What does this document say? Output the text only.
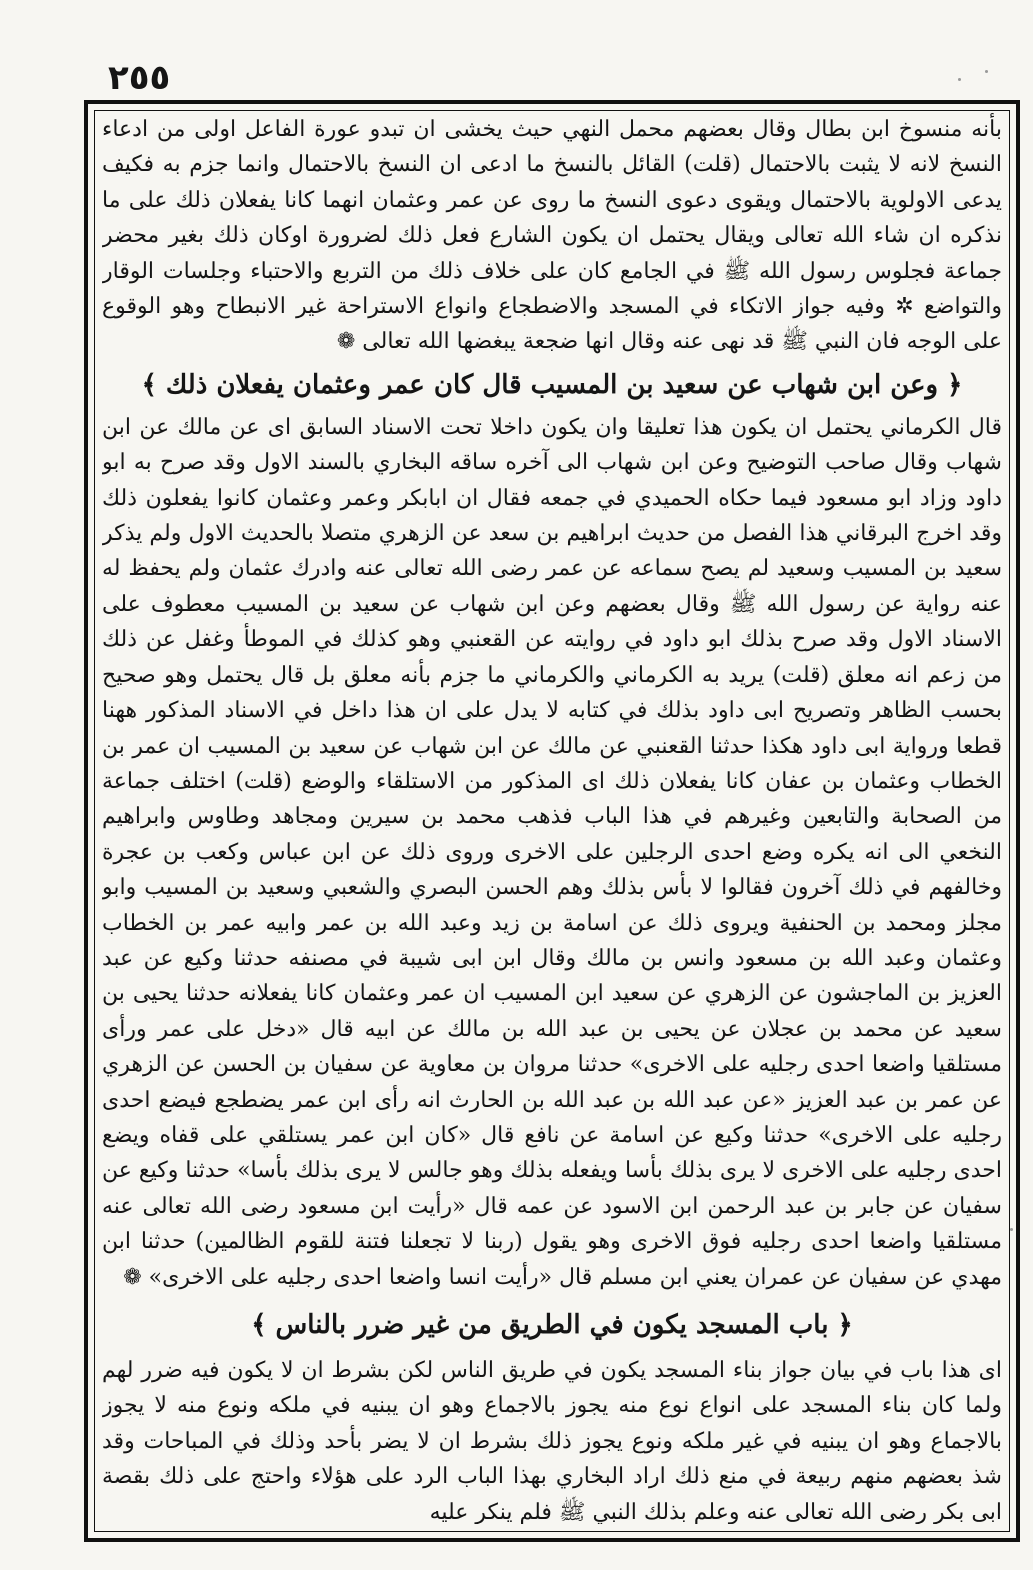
٢٥٥

بأنه منسوخ ابن بطال وقال بعضهم محمل النهي حيث يخشى ان تبدو عورة الفاعل اولى من ادعاء النسخ لانه لا يثبت بالاحتمال (قلت) القائل بالنسخ ما ادعى ان النسخ بالاحتمال وانما جزم به فكيف يدعى الاولوية بالاحتمال ويقوى دعوى النسخ ما روى عن عمر وعثمان انهما كانا يفعلان ذلك على ما نذكره ان شاء الله تعالى ويقال يحتمل ان يكون الشارع فعل ذلك لضرورة اوكان ذلك بغير محضر جماعة فجلوس رسول الله ﷺ في الجامع كان على خلاف ذلك من التربع والاحتباء وجلسات الوقار والتواضع ✲ وفيه جواز الاتكاء في المسجد والاضطجاع وانواع الاستراحة غير الانبطاح وهو الوقوع على الوجه فان النبي ﷺ قد نهى عنه وقال انها ضجعة يبغضها الله تعالى ❁

﴿ وعن ابن شهاب عن سعيد بن المسيب قال كان عمر وعثمان يفعلان ذلك ﴾

قال الكرماني يحتمل ان يكون هذا تعليقا وان يكون داخلا تحت الاسناد السابق اى عن مالك عن ابن شهاب وقال صاحب التوضيح وعن ابن شهاب الى آخره ساقه البخاري بالسند الاول وقد صرح به ابو داود وزاد ابو مسعود فيما حكاه الحميدي في جمعه فقال ان ابابكر وعمر وعثمان كانوا يفعلون ذلك وقد اخرج البرقاني هذا الفصل من حديث ابراهيم بن سعد عن الزهري متصلا بالحديث الاول ولم يذكر سعيد بن المسيب وسعيد لم يصح سماعه عن عمر رضى الله تعالى عنه وادرك عثمان ولم يحفظ له عنه رواية عن رسول الله ﷺ وقال بعضهم وعن ابن شهاب عن سعيد بن المسيب معطوف على الاسناد الاول وقد صرح بذلك ابو داود في روايته عن القعنبي وهو كذلك في الموطأ وغفل عن ذلك من زعم انه معلق (قلت) يريد به الكرماني والكرماني ما جزم بأنه معلق بل قال يحتمل وهو صحيح بحسب الظاهر وتصريح ابى داود بذلك في كتابه لا يدل على ان هذا داخل في الاسناد المذكور ههنا قطعا ورواية ابى داود هكذا حدثنا القعنبي عن مالك عن ابن شهاب عن سعيد بن المسيب ان عمر بن الخطاب وعثمان بن عفان كانا يفعلان ذلك اى المذكور من الاستلقاء والوضع (قلت) اختلف جماعة من الصحابة والتابعين وغيرهم في هذا الباب فذهب محمد بن سيرين ومجاهد وطاوس وابراهيم النخعي الى انه يكره وضع احدى الرجلين على الاخرى وروى ذلك عن ابن عباس وكعب بن عجرة وخالفهم في ذلك آخرون فقالوا لا بأس بذلك وهم الحسن البصري والشعبي وسعيد بن المسيب وابو مجلز ومحمد بن الحنفية ويروى ذلك عن اسامة بن زيد وعبد الله بن عمر وابيه عمر بن الخطاب وعثمان وعبد الله بن مسعود وانس بن مالك وقال ابن ابى شيبة في مصنفه حدثنا وكيع عن عبد العزيز بن الماجشون عن الزهري عن سعيد ابن المسيب ان عمر وعثمان كانا يفعلانه حدثنا يحيى بن سعيد عن محمد بن عجلان عن يحيى بن عبد الله بن مالك عن ابيه قال «دخل على عمر ورأى مستلقيا واضعا احدى رجليه على الاخرى» حدثنا مروان بن معاوية عن سفيان بن الحسن عن الزهري عن عمر بن عبد العزيز «عن عبد الله بن عبد الله بن الحارث انه رأى ابن عمر يضطجع فيضع احدى رجليه على الاخرى» حدثنا وكيع عن اسامة عن نافع قال «كان ابن عمر يستلقي على قفاه ويضع احدى رجليه على الاخرى لا يرى بذلك بأسا ويفعله بذلك وهو جالس لا يرى بذلك بأسا» حدثنا وكيع عن سفيان عن جابر بن عبد الرحمن ابن الاسود عن عمه قال «رأيت ابن مسعود رضى الله تعالى عنه مستلقيا واضعا احدى رجليه فوق الاخرى وهو يقول (ربنا لا تجعلنا فتنة للقوم الظالمين) حدثنا ابن مهدي عن سفيان عن عمران يعني ابن مسلم قال «رأيت انسا واضعا احدى رجليه على الاخرى» ❁

﴿ باب المسجد يكون في الطريق من غير ضرر بالناس ﴾

اى هذا باب في بيان جواز بناء المسجد يكون في طريق الناس لكن بشرط ان لا يكون فيه ضرر لهم ولما كان بناء المسجد على انواع نوع منه يجوز بالاجماع وهو ان يبنيه في ملكه ونوع منه لا يجوز بالاجماع وهو ان يبنيه في غير ملكه ونوع يجوز ذلك بشرط ان لا يضر بأحد وذلك في المباحات وقد شذ بعضهم منهم ربيعة في منع ذلك اراد البخاري بهذا الباب الرد على هؤلاء واحتج على ذلك بقصة ابى بكر رضى الله تعالى عنه وعلم بذلك النبي ﷺ فلم ينكر عليه
